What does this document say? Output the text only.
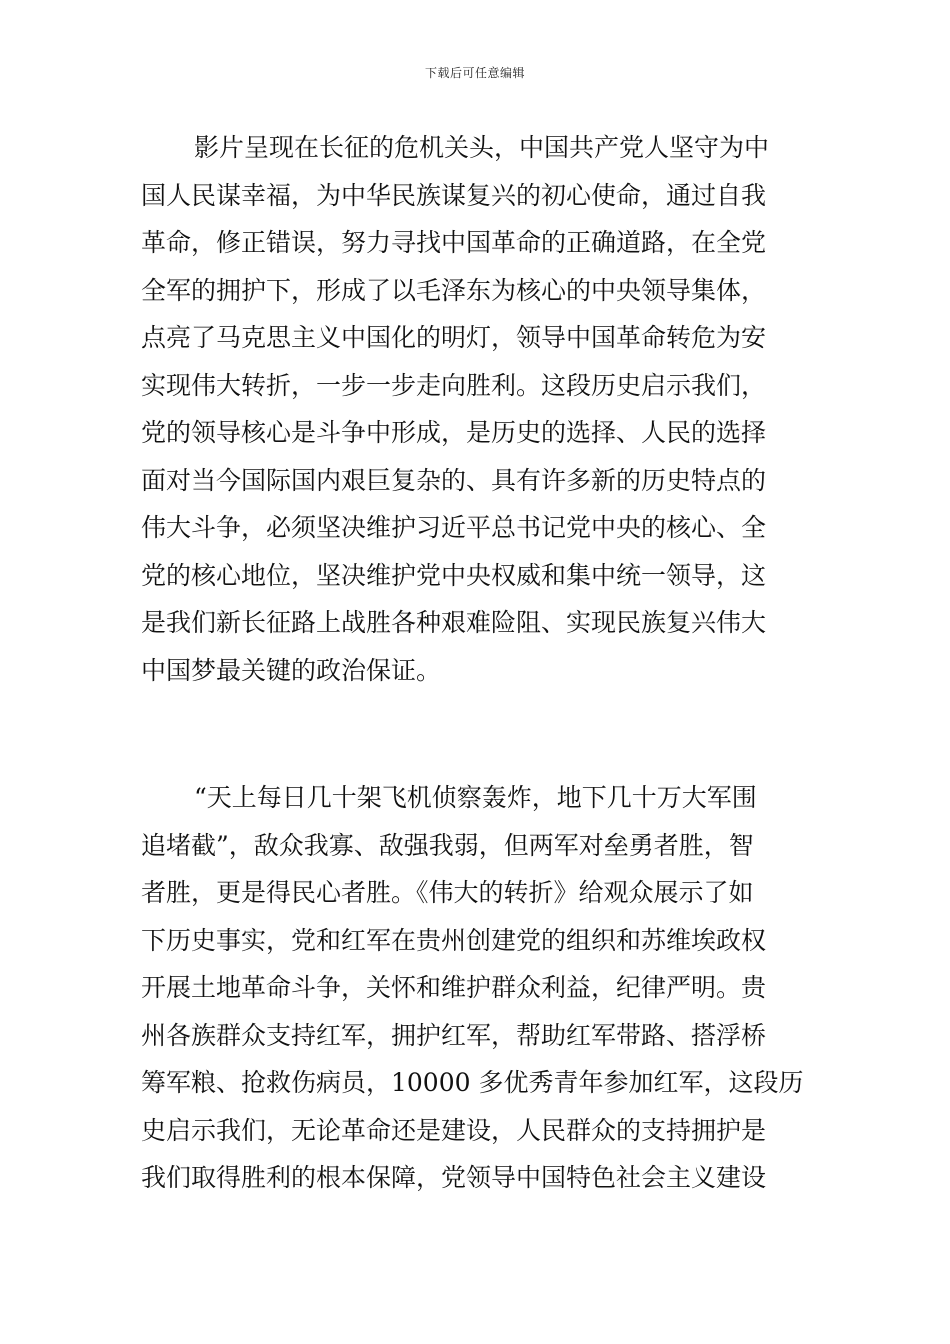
下载后可任意编辑
影片呈现在长征的危机关头，中国共产党人坚守为中
国人民谋幸福，为中华民族谋复兴的初心使命，通过自我
革命，修正错误，努力寻找中国革命的正确道路，在全党
全军的拥护下，形成了以毛泽东为核心的中央领导集体，
点亮了马克思主义中国化的明灯，领导中国革命转危为安
实现伟大转折，一步一步走向胜利。这段历史启示我们，
党的领导核心是斗争中形成，是历史的选择、人民的选择
面对当今国际国内艰巨复杂的、具有许多新的历史特点的
伟大斗争，必须坚决维护习近平总书记党中央的核心、全
党的核心地位，坚决维护党中央权威和集中统一领导，这
是我们新长征路上战胜各种艰难险阻、实现民族复兴伟大
中国梦最关键的政治保证。
“天上每日几十架飞机侦察轰炸，地下几十万大军围
追堵截”，敌众我寡、敌强我弱，但两军对垒勇者胜，智
者胜，更是得民心者胜。《伟大的转折》给观众展示了如
下历史事实，党和红军在贵州创建党的组织和苏维埃政权
开展土地革命斗争，关怀和维护群众利益，纪律严明。贵
州各族群众支持红军，拥护红军，帮助红军带路、搭浮桥
筹军粮、抢救伤病员，10000 多优秀青年参加红军，这段历
史启示我们，无论革命还是建设，人民群众的支持拥护是
我们取得胜利的根本保障，党领导中国特色社会主义建设
